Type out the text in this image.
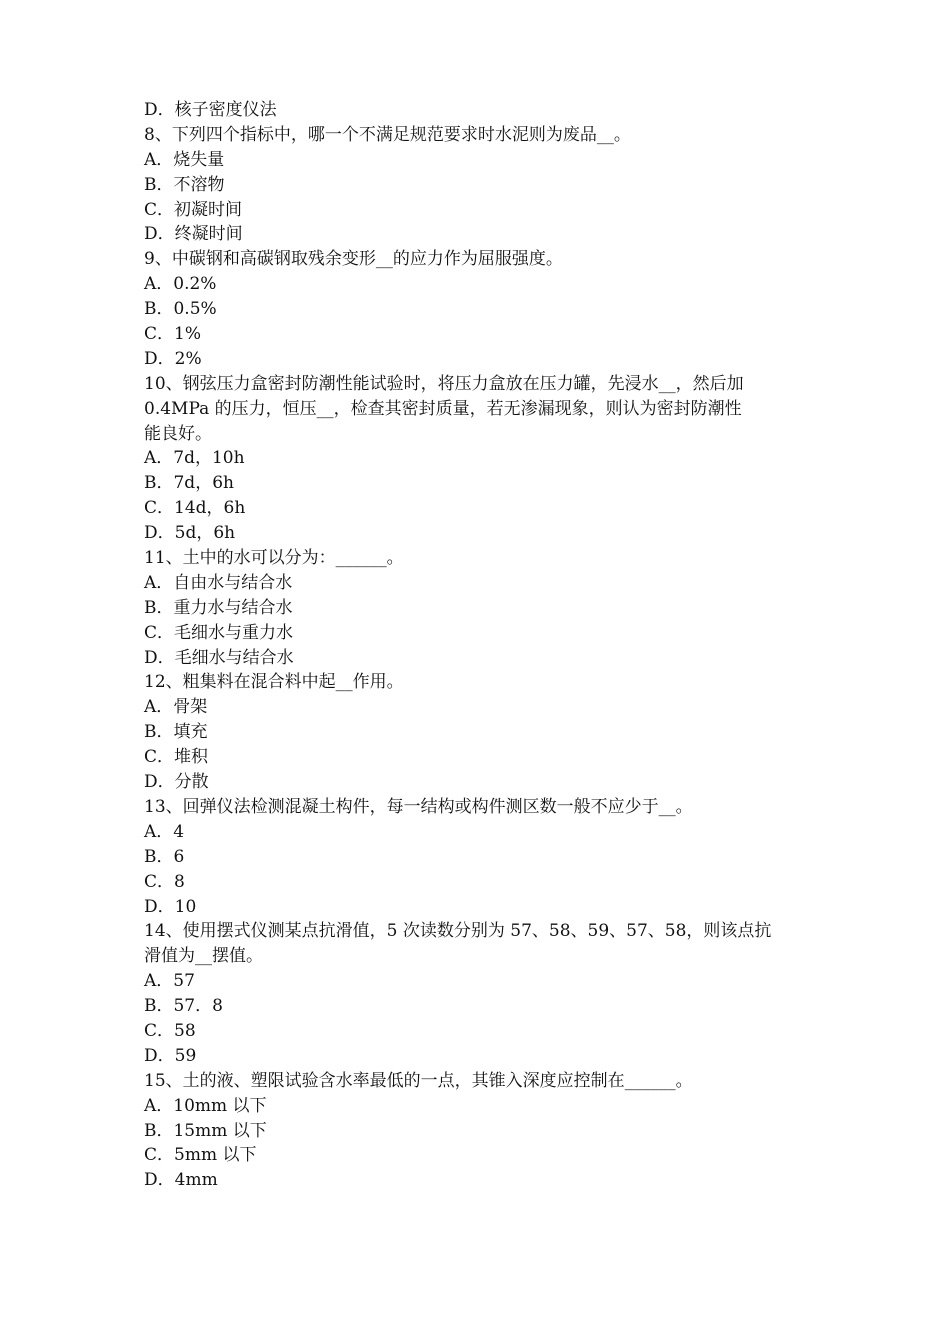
D．核子密度仪法
8、下列四个指标中，哪一个不满足规范要求时水泥则为废品__。
A．烧失量
B．不溶物
C．初凝时间
D．终凝时间
9、中碳钢和高碳钢取残余变形__的应力作为屈服强度。
A．0.2%
B．0.5%
C．1%
D．2%
10、钢弦压力盒密封防潮性能试验时，将压力盒放在压力罐，先浸水__，然后加
0.4MPa 的压力，恒压__，检查其密封质量，若无渗漏现象，则认为密封防潮性
能良好。
A．7d，10h
B．7d，6h
C．14d，6h
D．5d，6h
11、土中的水可以分为：______。
A．自由水与结合水
B．重力水与结合水
C．毛细水与重力水
D．毛细水与结合水
12、粗集料在混合料中起__作用。
A．骨架
B．填充
C．堆积
D．分散
13、回弹仪法检测混凝土构件，每一结构或构件测区数一般不应少于__。
A．4
B．6
C．8
D．10
14、使用摆式仪测某点抗滑值，5 次读数分别为 57、58、59、57、58，则该点抗
滑值为__摆值。
A．57
B．57．8
C．58
D．59
15、土的液、塑限试验含水率最低的一点，其锥入深度应控制在______。
A．10mm 以下
B．15mm 以下
C．5mm 以下
D．4mm
